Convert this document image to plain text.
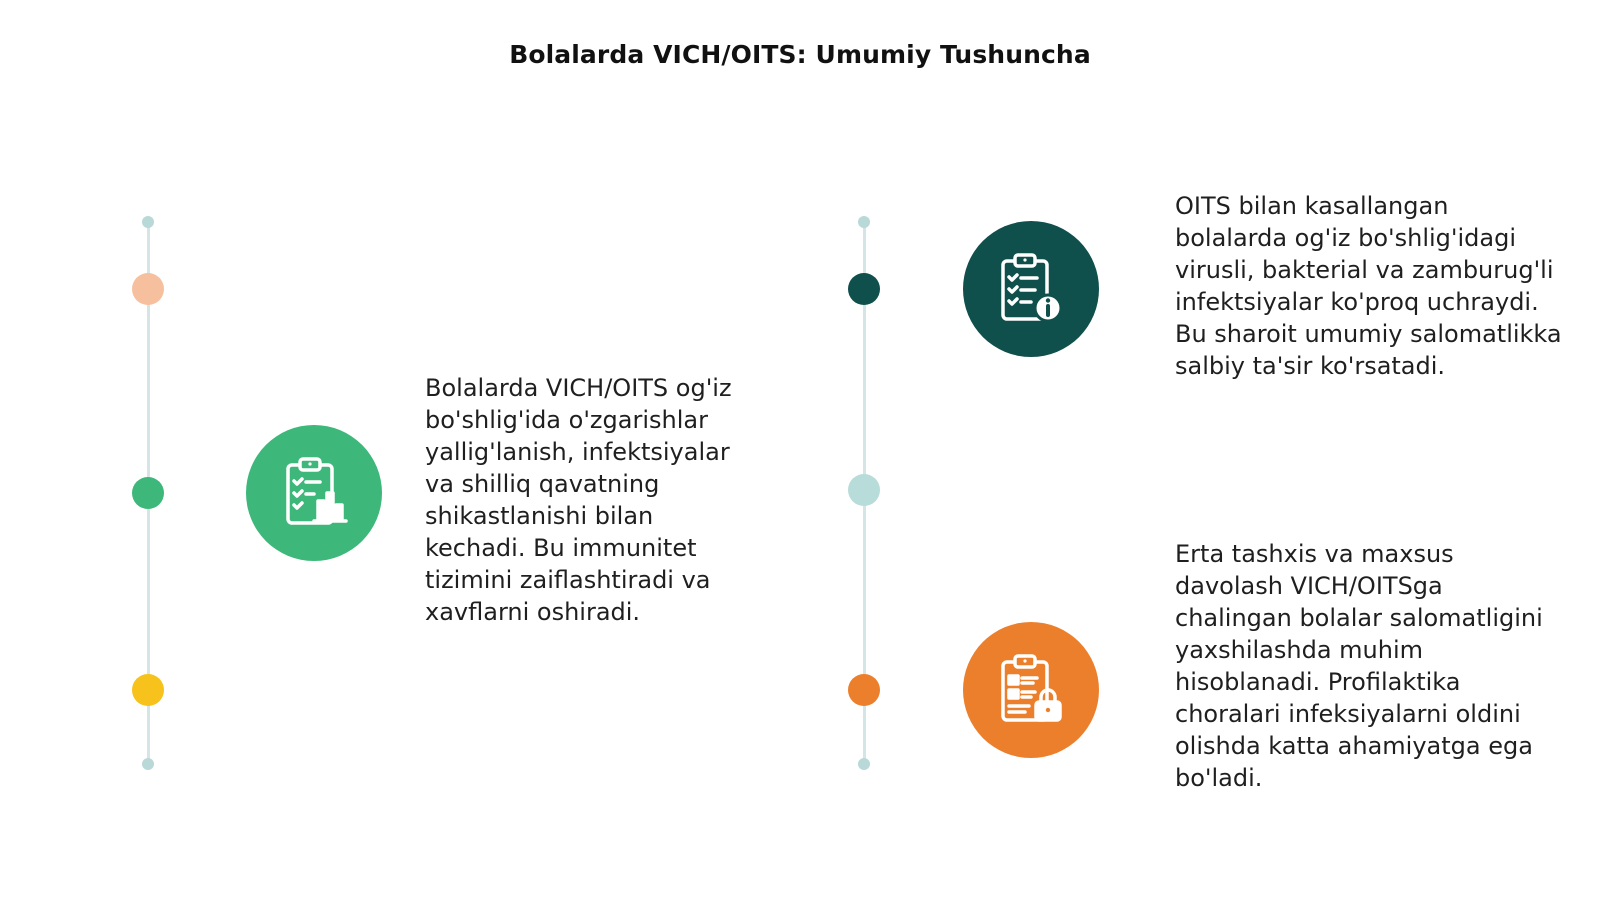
Bolalarda VICH/OITS: Umumiy Tushuncha

Bolalarda VICH/OITS og'iz bo'shlig'ida o'zgarishlar yallig'lanish, infektsiyalar va shilliq qavatning shikastlanishi bilan kechadi. Bu immunitet tizimini zaiflashtiradi va xavflarni oshiradi.

OITS bilan kasallangan bolalarda og'iz bo'shlig'idagi virusli, bakterial va zamburug'li infektsiyalar ko'proq uchraydi. Bu sharoit umumiy salomatlikka salbiy ta'sir ko'rsatadi.

Erta tashxis va maxsus davolash VICH/OITSga chalingan bolalar salomatligini yaxshilashda muhim hisoblanadi. Profilaktika choralari infeksiyalarni oldini olishda katta ahamiyatga ega bo'ladi.
